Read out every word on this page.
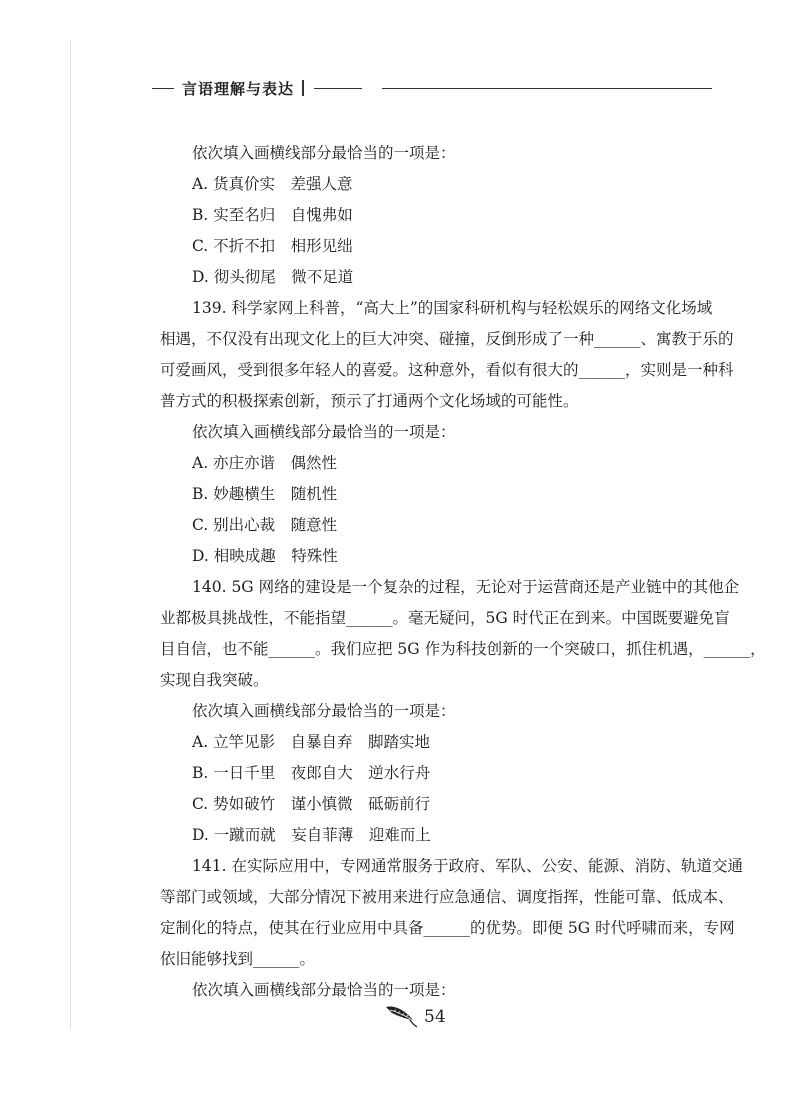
言语理解与表达
依次填入画横线部分最恰当的一项是：
A. 货真价实　差强人意
B. 实至名归　自愧弗如
C. 不折不扣　相形见绌
D. 彻头彻尾　微不足道
139. 科学家网上科普，“高大上”的国家科研机构与轻松娱乐的网络文化场域
相遇，不仅没有出现文化上的巨大冲突、碰撞，反倒形成了一种______、寓教于乐的
可爱画风，受到很多年轻人的喜爱。这种意外，看似有很大的______，实则是一种科
普方式的积极探索创新，预示了打通两个文化场域的可能性。
依次填入画横线部分最恰当的一项是：
A. 亦庄亦谐　偶然性
B. 妙趣横生　随机性
C. 别出心裁　随意性
D. 相映成趣　特殊性
140. 5G 网络的建设是一个复杂的过程，无论对于运营商还是产业链中的其他企
业都极具挑战性，不能指望______。毫无疑问，5G 时代正在到来。中国既要避免盲
目自信，也不能______。我们应把 5G 作为科技创新的一个突破口，抓住机遇，______，
实现自我突破。
依次填入画横线部分最恰当的一项是：
A. 立竿见影　自暴自弃　脚踏实地
B. 一日千里　夜郎自大　逆水行舟
C. 势如破竹　谨小慎微　砥砺前行
D. 一蹴而就　妄自菲薄　迎难而上
141. 在实际应用中，专网通常服务于政府、军队、公安、能源、消防、轨道交通
等部门或领域，大部分情况下被用来进行应急通信、调度指挥，性能可靠、低成本、
定制化的特点，使其在行业应用中具备______的优势。即便 5G 时代呼啸而来，专网
依旧能够找到______。
依次填入画横线部分最恰当的一项是：
54
